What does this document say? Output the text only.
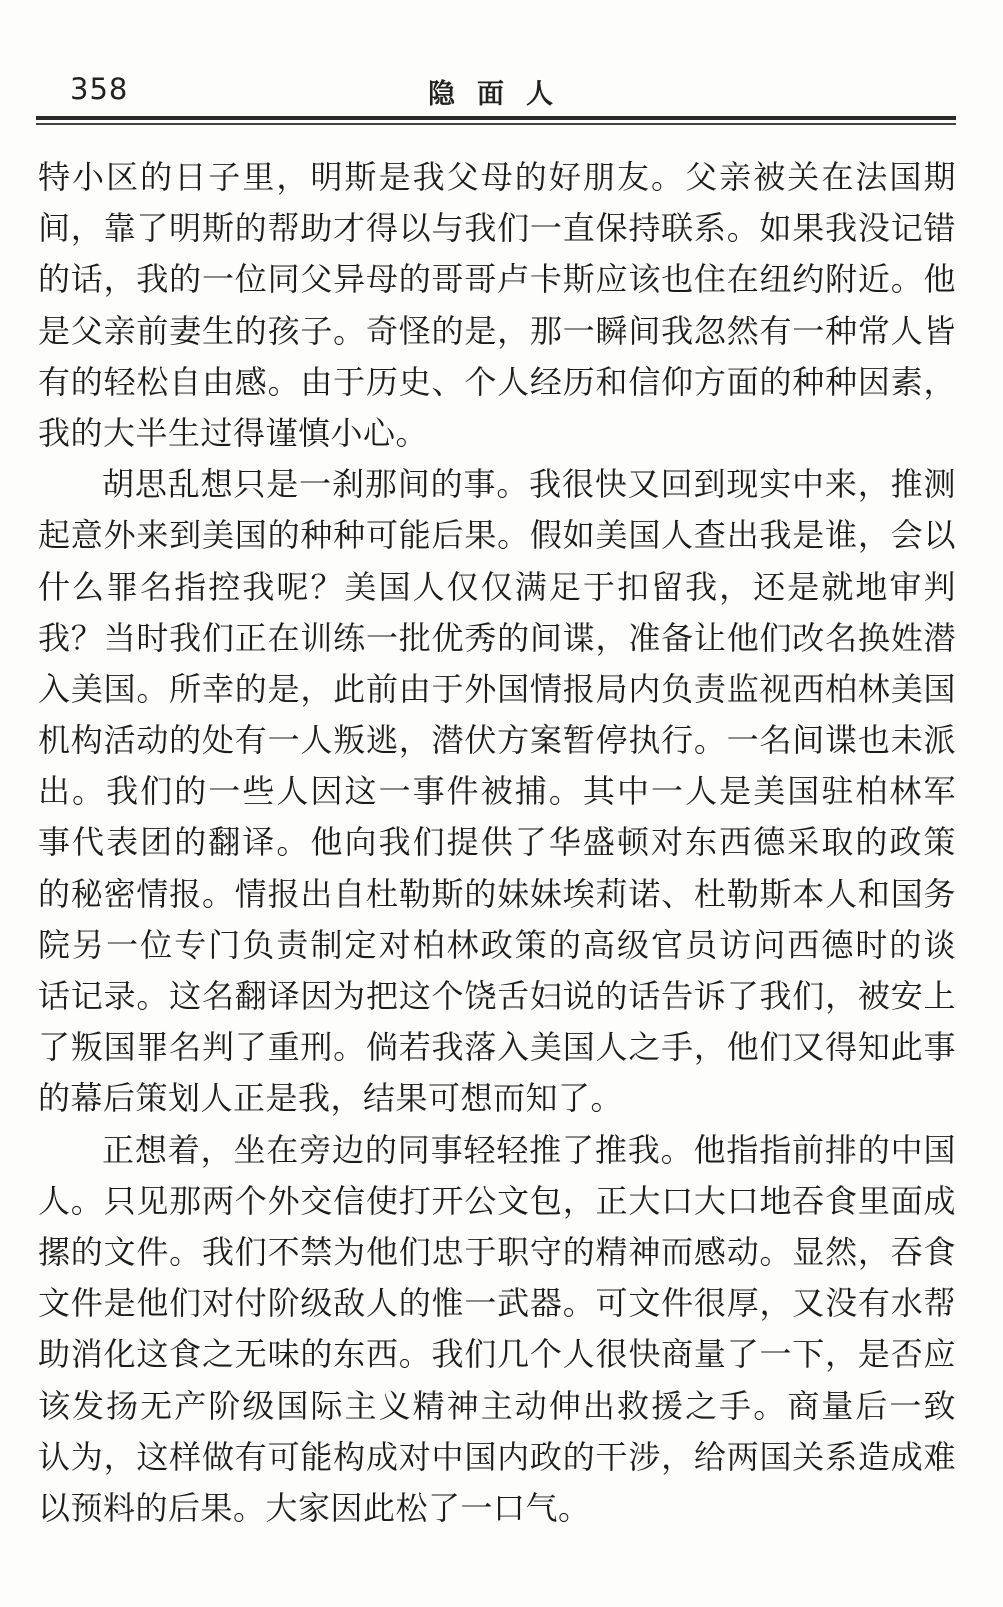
358	隐面人
特小区的日子里，明斯是我父母的好朋友。父亲被关在法国期
间，靠了明斯的帮助才得以与我们一直保持联系。如果我没记错
的话，我的一位同父异母的哥哥卢卡斯应该也住在纽约附近。他
是父亲前妻生的孩子。奇怪的是，那一瞬间我忽然有一种常人皆
有的轻松自由感。由于历史、个人经历和信仰方面的种种因素，
我的大半生过得谨慎小心。
胡思乱想只是一刹那间的事。我很快又回到现实中来，推测
起意外来到美国的种种可能后果。假如美国人查出我是谁，会以
什么罪名指控我呢？美国人仅仅满足于扣留我，还是就地审判
我？当时我们正在训练一批优秀的间谍，准备让他们改名换姓潜
入美国。所幸的是，此前由于外国情报局内负责监视西柏林美国
机构活动的处有一人叛逃，潜伏方案暂停执行。一名间谍也未派
出。我们的一些人因这一事件被捕。其中一人是美国驻柏林军
事代表团的翻译。他向我们提供了华盛顿对东西德采取的政策
的秘密情报。情报出自杜勒斯的妹妹埃莉诺、杜勒斯本人和国务
院另一位专门负责制定对柏林政策的高级官员访问西德时的谈
话记录。这名翻译因为把这个饶舌妇说的话告诉了我们，被安上
了叛国罪名判了重刑。倘若我落入美国人之手，他们又得知此事
的幕后策划人正是我，结果可想而知了。
正想着，坐在旁边的同事轻轻推了推我。他指指前排的中国
人。只见那两个外交信使打开公文包，正大口大口地吞食里面成
摞的文件。我们不禁为他们忠于职守的精神而感动。显然，吞食
文件是他们对付阶级敌人的惟一武器。可文件很厚，又没有水帮
助消化这食之无味的东西。我们几个人很快商量了一下，是否应
该发扬无产阶级国际主义精神主动伸出救援之手。商量后一致
认为，这样做有可能构成对中国内政的干涉，给两国关系造成难
以预料的后果。大家因此松了一口气。
